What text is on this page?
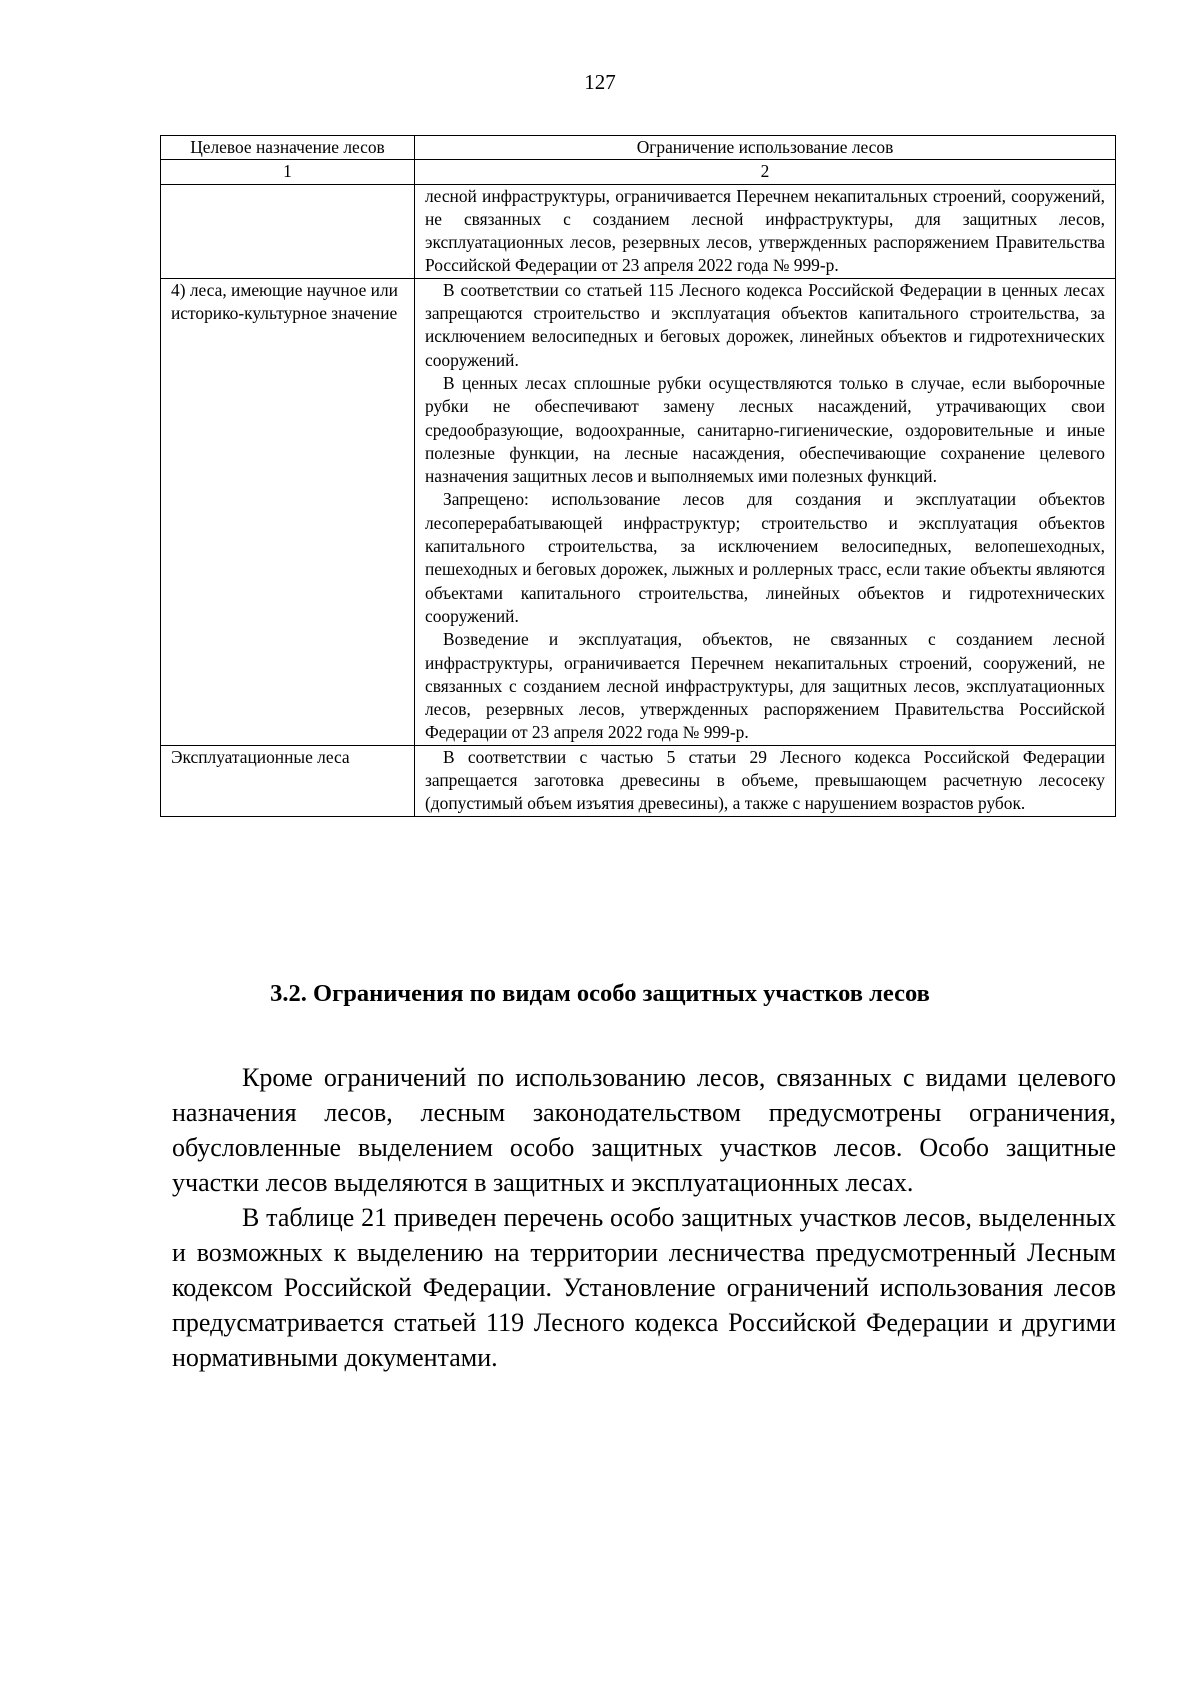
127
Целевое назначение лесов	Ограничение использование лесов
1	2

	лесной инфраструктуры, ограничивается Перечнем некапитальных строений, сооружений, не связанных с созданием лесной инфраструктуры, для защитных лесов, эксплуатационных лесов, резервных лесов, утвержденных распоряжением Правительства Российской Федерации от 23 апреля 2022 года № 999-р.

4) леса, имеющие научное или историко-культурное значение	В соответствии со статьей 115 Лесного кодекса Российской Федерации в ценных лесах запрещаются строительство и эксплуатация объектов капитального строительства, за исключением велосипедных и беговых дорожек, линейных объектов и гидротехнических сооружений.

В ценных лесах сплошные рубки осуществляются только в случае, если выборочные рубки не обеспечивают замену лесных насаждений, утрачивающих свои средообразующие, водоохранные, санитарно-гигиенические, оздоровительные и иные полезные функции, на лесные насаждения, обеспечивающие сохранение целевого назначения защитных лесов и выполняемых ими полезных функций.

Запрещено: использование лесов для создания и эксплуатации объектов лесоперерабатывающей инфраструктур; строительство и эксплуатация объектов капитального строительства, за исключением велосипедных, велопешеходных, пешеходных и беговых дорожек, лыжных и роллерных трасс, если такие объекты являются объектами капитального строительства, линейных объектов и гидротехнических сооружений.

Возведение и эксплуатация, объектов, не связанных с созданием лесной инфраструктуры, ограничивается Перечнем некапитальных строений, сооружений, не связанных с созданием лесной инфраструктуры, для защитных лесов, эксплуатационных лесов, резервных лесов, утвержденных распоряжением Правительства Российской Федерации от 23 апреля 2022 года № 999-р.

Эксплуатационные леса	В соответствии с частью 5 статьи 29 Лесного кодекса Российской Федерации запрещается заготовка древесины в объеме, превышающем расчетную лесосеку (допустимый объем изъятия древесины), а также с нарушением возрастов рубок.

3.2. Ограничения по видам особо защитных участков лесов

Кроме ограничений по использованию лесов, связанных с видами целевого назначения лесов, лесным законодательством предусмотрены ограничения, обусловленные выделением особо защитных участков лесов. Особо защитные участки лесов выделяются в защитных и эксплуатационных лесах.

В таблице 21 приведен перечень особо защитных участков лесов, выделенных и возможных к выделению на территории лесничества предусмотренный Лесным кодексом Российской Федерации. Установление ограничений использования лесов предусматривается статьей 119 Лесного кодекса Российской Федерации и другими нормативными документами.
